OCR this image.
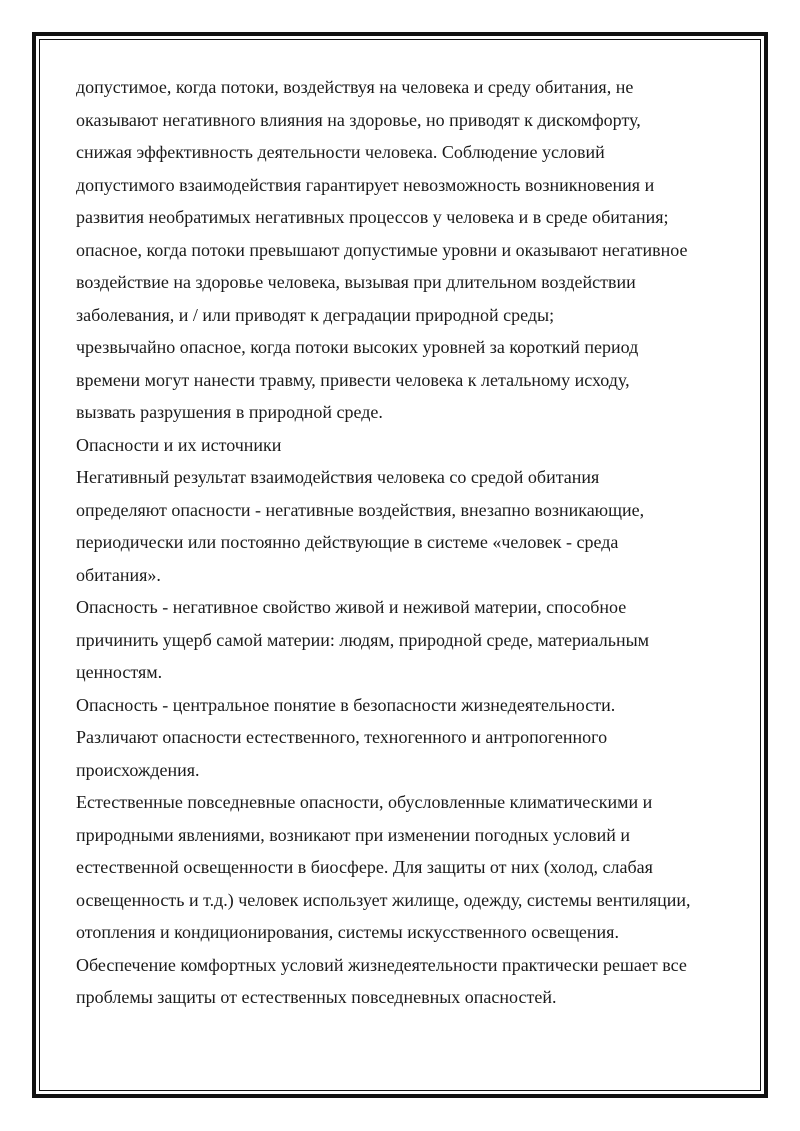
допустимое, когда потоки, воздействуя на человека и среду обитания, не
оказывают негативного влияния на здоровье, но приводят к дискомфорту,
снижая эффективность деятельности человека. Соблюдение условий
допустимого взаимодействия гарантирует невозможность возникновения и
развития необратимых негативных процессов у человека и в среде обитания;
опасное, когда потоки превышают допустимые уровни и оказывают негативное
воздействие на здоровье человека, вызывая при длительном воздействии
заболевания, и / или приводят к деградации природной среды;
чрезвычайно опасное, когда потоки высоких уровней за короткий период
времени могут нанести травму, привести человека к летальному исходу,
вызвать разрушения в природной среде.
Опасности и их источники
Негативный результат взаимодействия человека со средой обитания
определяют опасности - негативные воздействия, внезапно возникающие,
периодически или постоянно действующие в системе «человек - среда
обитания».
Опасность - негативное свойство живой и неживой материи, способное
причинить ущерб самой материи: людям, природной среде, материальным
ценностям.
Опасность - центральное понятие в безопасности жизнедеятельности.
Различают опасности естественного, техногенного и антропогенного
происхождения.
Естественные повседневные опасности, обусловленные климатическими и
природными явлениями, возникают при изменении погодных условий и
естественной освещенности в биосфере. Для защиты от них (холод, слабая
освещенность и т.д.) человек использует жилище, одежду, системы вентиляции,
отопления и кондиционирования, системы искусственного освещения.
Обеспечение комфортных условий жизнедеятельности практически решает все
проблемы защиты от естественных повседневных опасностей.
